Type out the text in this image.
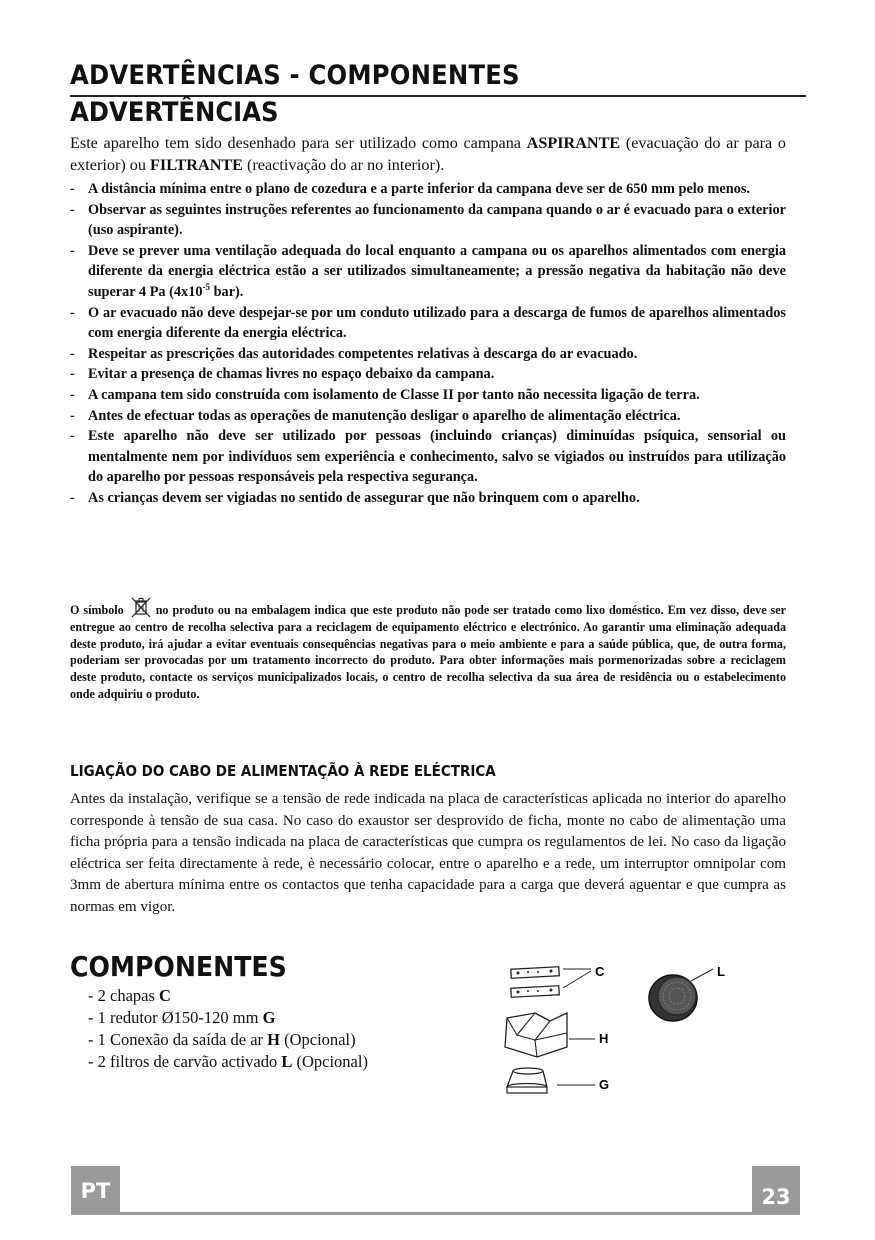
ADVERTÊNCIAS - COMPONENTES
ADVERTÊNCIAS
Este aparelho tem sido desenhado para ser utilizado como campana ASPIRANTE (evacuação do ar para o exterior) ou FILTRANTE (reactivação do ar no interior).
- A distância mínima entre o plano de cozedura e a parte inferior da campana deve ser de 650 mm pelo menos.
- Observar as seguintes instruções referentes ao funcionamento da campana quando o ar é evacuado para o exterior (uso aspirante).
- Deve se prever uma ventilação adequada do local enquanto a campana ou os aparelhos alimentados com energia diferente da energia eléctrica estão a ser utilizados simultaneamente; a pressão negativa da habitação não deve superar 4 Pa ($4x10^{-5}$ bar).
- O ar evacuado não deve despejar-se por um conduto utilizado para a descarga de fumos de aparelhos alimentados com energia diferente da energia eléctrica.
- Respeitar as prescrições das autoridades competentes relativas à descarga do ar evacuado.
- Evitar a presença de chamas livres no espaço debaixo da campana.
- A campana tem sido construída com isolamento de Classe II por tanto não necessita ligação de terra.
- Antes de efectuar todas as operações de manutenção desligar o aparelho de alimentação eléctrica.
- Este aparelho não deve ser utilizado por pessoas (incluindo crianças) diminuídas psíquica, sensorial ou mentalmente nem por indivíduos sem experiência e conhecimento, salvo se vigiados ou instruídos para utilização do aparelho por pessoas responsáveis pela respectiva segurança.
- As crianças devem ser vigiadas no sentido de assegurar que não brinquem com o aparelho.
O símbolo	no produto ou na embalagem indica que este produto não pode ser tratado como lixo doméstico. Em vez disso, deve ser entregue ao centro de recolha selectiva para a reciclagem de equipamento eléctrico e electrónico. Ao garantir uma eliminação adequada deste produto, irá ajudar a evitar eventuais consequências negativas para o meio ambiente e para a saúde pública, que, de outra forma, poderiam ser provocadas por um tratamento incorrecto do produto. Para obter informações mais pormenorizadas sobre a reciclagem deste produto, contacte os serviços municipalizados locais, o centro de recolha selectiva da sua área de residência ou o estabelecimento onde adquiriu o produto.
LIGAÇÃO DO CABO DE ALIMENTAÇÃO À REDE ELÉCTRICA
Antes da instalação, verifique se a tensão de rede indicada na placa de características aplicada no interior do aparelho corresponde à tensão de sua casa. No caso do exaustor ser desprovido de ficha, monte no cabo de alimentação uma ficha própria para a tensão indicada na placa de características que cumpra os regulamentos de lei. No caso da ligação eléctrica ser feita directamente à rede, è necessário colocar, entre o aparelho e a rede, um interruptor omnipolar com 3mm de abertura mínima entre os contactos que tenha capacidade para a carga que deverá aguentar e que cumpra as normas em vigor.
COMPONENTES
- 2 chapas C
- 1 redutor Ø150-120 mm G
- 1 Conexão da saída de ar H (Opcional)
- 2 filtros de carvão activado L (Opcional)
C	L
H
G
PT	23
